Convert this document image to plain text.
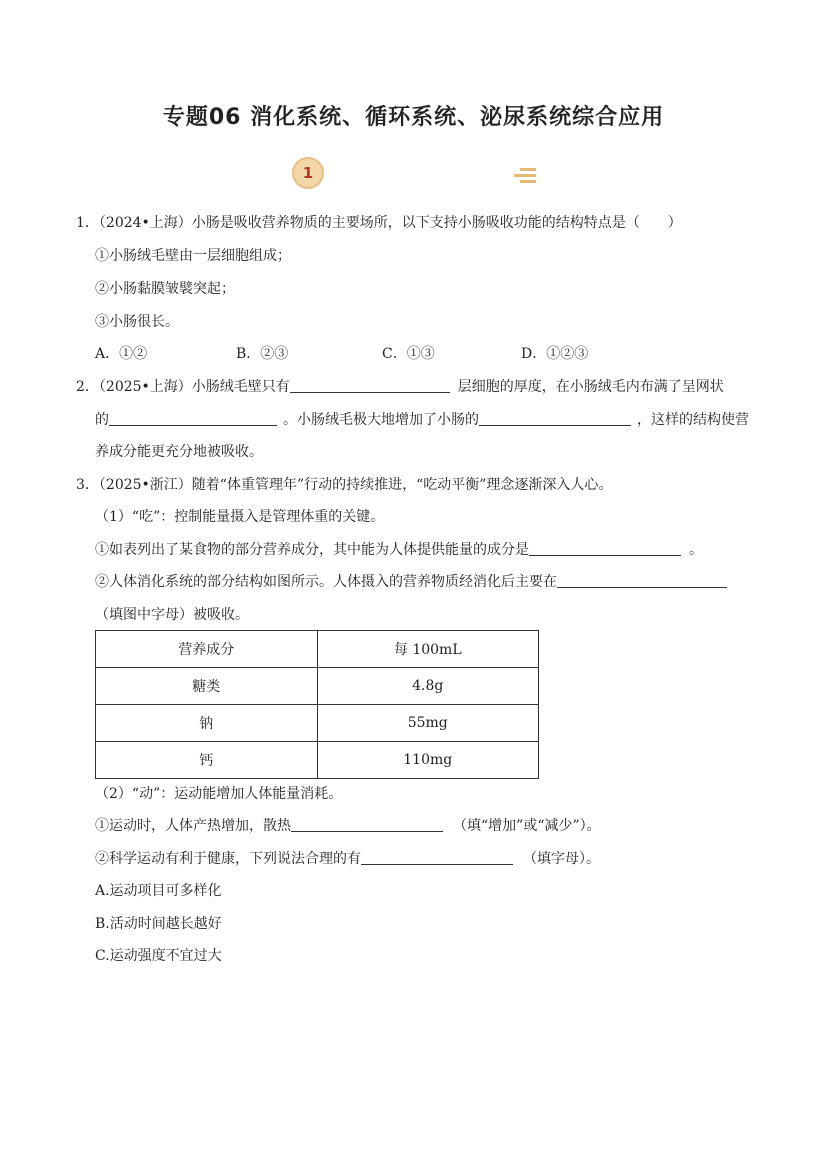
专题06 消化系统、循环系统、泌尿系统综合应用
1	真题实战•百练通关
1．（2024•上海）小肠是吸收营养物质的主要场所，以下支持小肠吸收功能的结构特点是（　　）
①小肠绒毛壁由一层细胞组成；
②小肠黏膜皱襞突起；
③小肠很长。
A．①②	B．②③	C．①③	D．①②③
2．（2025•上海）小肠绒毛壁只有	层细胞的厚度，在小肠绒毛内布满了呈网状
的	。小肠绒毛极大地增加了小肠的	，这样的结构使营
养成分能更充分地被吸收。
3．（2025•浙江）随着“体重管理年”行动的持续推进，“吃动平衡”理念逐渐深入人心。
（1）“吃”：控制能量摄入是管理体重的关键。
①如表列出了某食物的部分营养成分，其中能为人体提供能量的成分是	。
②人体消化系统的部分结构如图所示。人体摄入的营养物质经消化后主要在
（填图中字母）被吸收。
营养成分	每 100mL
糖类	4.8g
钠	55mg
钙	110mg
（2）“动”：运动能增加人体能量消耗。
①运动时，人体产热增加，散热	（填“增加”或“减少”）。
②科学运动有利于健康，下列说法合理的有	（填字母）。
A.运动项目可多样化
B.活动时间越长越好
C.运动强度不宜过大
